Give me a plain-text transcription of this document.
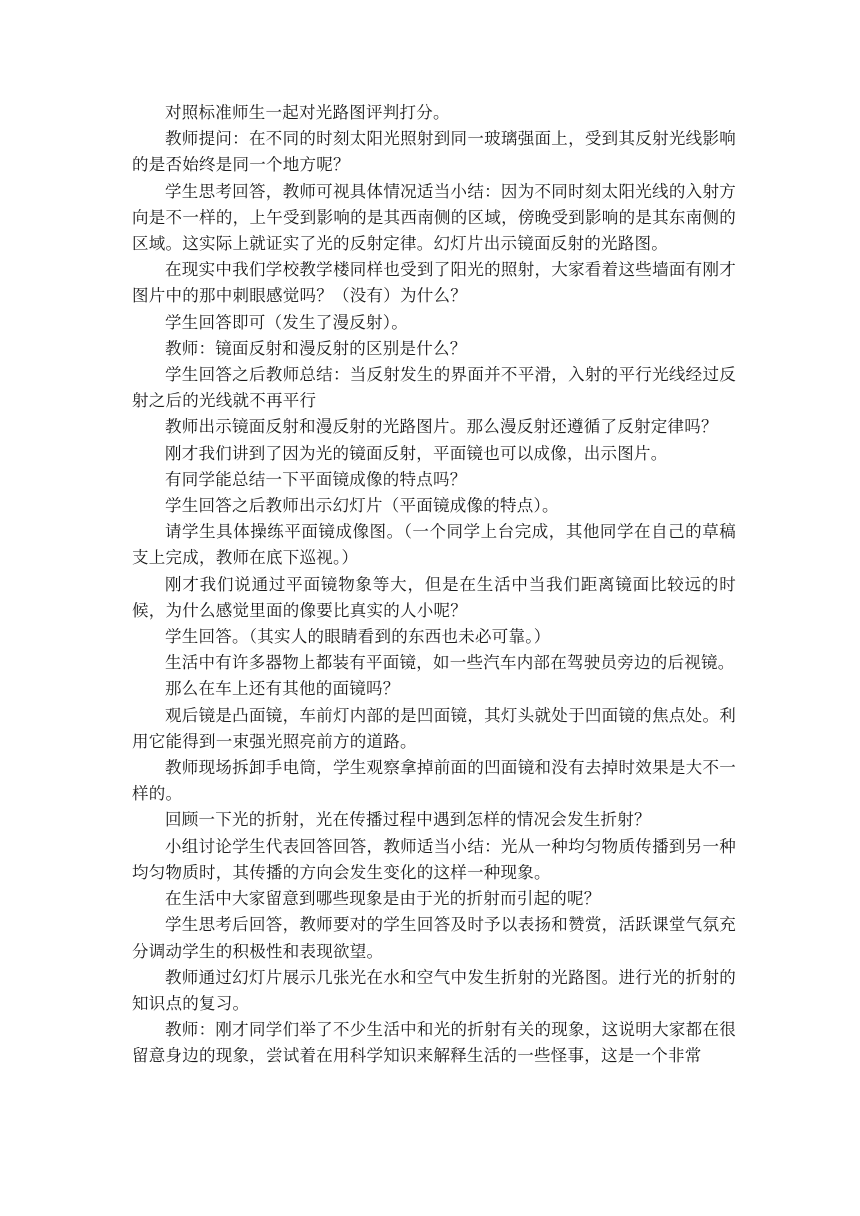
对照标准师生一起对光路图评判打分。

教师提问：在不同的时刻太阳光照射到同一玻璃强面上，受到其反射光线影响的是否始终是同一个地方呢？

学生思考回答，教师可视具体情况适当小结：因为不同时刻太阳光线的入射方向是不一样的，上午受到影响的是其西南侧的区域，傍晚受到影响的是其东南侧的区域。这实际上就证实了光的反射定律。幻灯片出示镜面反射的光路图。

在现实中我们学校教学楼同样也受到了阳光的照射，大家看着这些墙面有刚才图片中的那中刺眼感觉吗？（没有）为什么？

学生回答即可（发生了漫反射）。

教师：镜面反射和漫反射的区别是什么？

学生回答之后教师总结：当反射发生的界面并不平滑，入射的平行光线经过反射之后的光线就不再平行

教师出示镜面反射和漫反射的光路图片。那么漫反射还遵循了反射定律吗？

刚才我们讲到了因为光的镜面反射，平面镜也可以成像，出示图片。

有同学能总结一下平面镜成像的特点吗？

学生回答之后教师出示幻灯片（平面镜成像的特点）。

请学生具体操练平面镜成像图。（一个同学上台完成，其他同学在自己的草稿支上完成，教师在底下巡视。）

刚才我们说通过平面镜物象等大，但是在生活中当我们距离镜面比较远的时候，为什么感觉里面的像要比真实的人小呢？

学生回答。（其实人的眼睛看到的东西也未必可靠。）

生活中有许多器物上都装有平面镜，如一些汽车内部在驾驶员旁边的后视镜。

那么在车上还有其他的面镜吗？

观后镜是凸面镜，车前灯内部的是凹面镜，其灯头就处于凹面镜的焦点处。利用它能得到一束强光照亮前方的道路。

教师现场拆卸手电筒，学生观察拿掉前面的凹面镜和没有去掉时效果是大不一样的。

回顾一下光的折射，光在传播过程中遇到怎样的情况会发生折射？

小组讨论学生代表回答回答，教师适当小结：光从一种均匀物质传播到另一种均匀物质时，其传播的方向会发生变化的这样一种现象。

在生活中大家留意到哪些现象是由于光的折射而引起的呢？

学生思考后回答，教师要对的学生回答及时予以表扬和赞赏，活跃课堂气氛充分调动学生的积极性和表现欲望。

教师通过幻灯片展示几张光在水和空气中发生折射的光路图。进行光的折射的知识点的复习。

教师：刚才同学们举了不少生活中和光的折射有关的现象，这说明大家都在很留意身边的现象，尝试着在用科学知识来解释生活的一些怪事，这是一个非常
